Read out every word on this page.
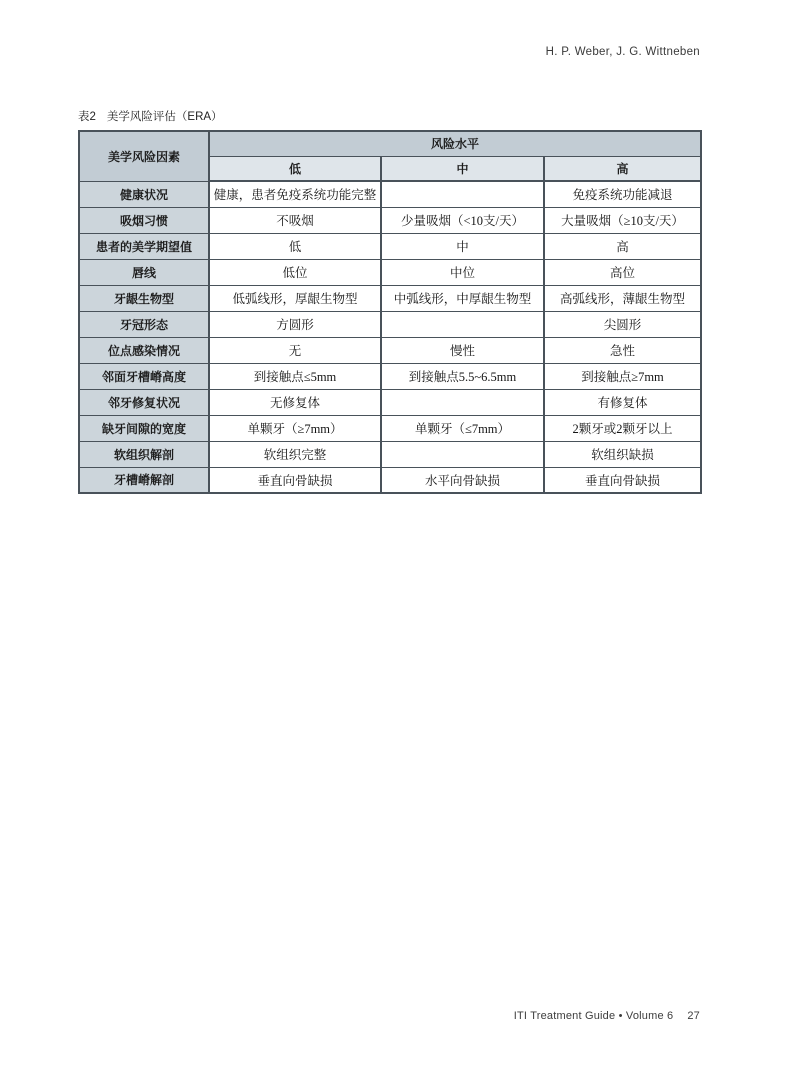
H. P. Weber, J. G. Wittneben
表2 美学风险评估（ERA）
美学风险因素	风险水平		
	低	中	高
健康状况	健康，患者免疫系统功能完整		免疫系统功能减退
吸烟习惯	不吸烟	少量吸烟（<10支/天）	大量吸烟（≥10支/天）
患者的美学期望值	低	中	高
唇线	低位	中位	高位
牙龈生物型	低弧线形，厚龈生物型	中弧线形，中厚龈生物型	高弧线形，薄龈生物型
牙冠形态	方圆形		尖圆形
位点感染情况	无	慢性	急性
邻面牙槽嵴高度	到接触点≤5mm	到接触点5.5~6.5mm	到接触点≥7mm
邻牙修复状况	无修复体		有修复体
缺牙间隙的宽度	单颗牙（≥7mm）	单颗牙（≤7mm）	2颗牙或2颗牙以上
软组织解剖	软组织完整		软组织缺损
牙槽嵴解剖	垂直向骨缺损	水平向骨缺损	垂直向骨缺损
ITI Treatment Guide • Volume 6 27
